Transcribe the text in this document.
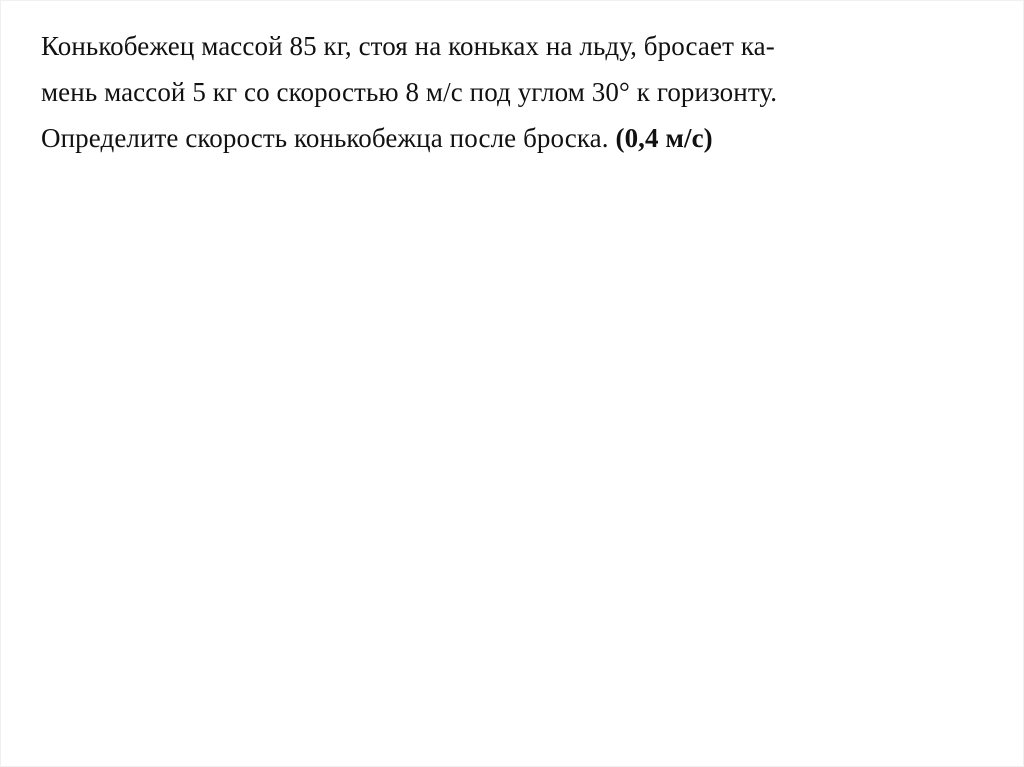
Конькобежец массой 85 кг, стоя на коньках на льду, бросает ка-
мень массой 5 кг со скоростью 8 м/с под углом 30° к горизонту.
Определите скорость конькобежца после броска. (0,4 м/с)
